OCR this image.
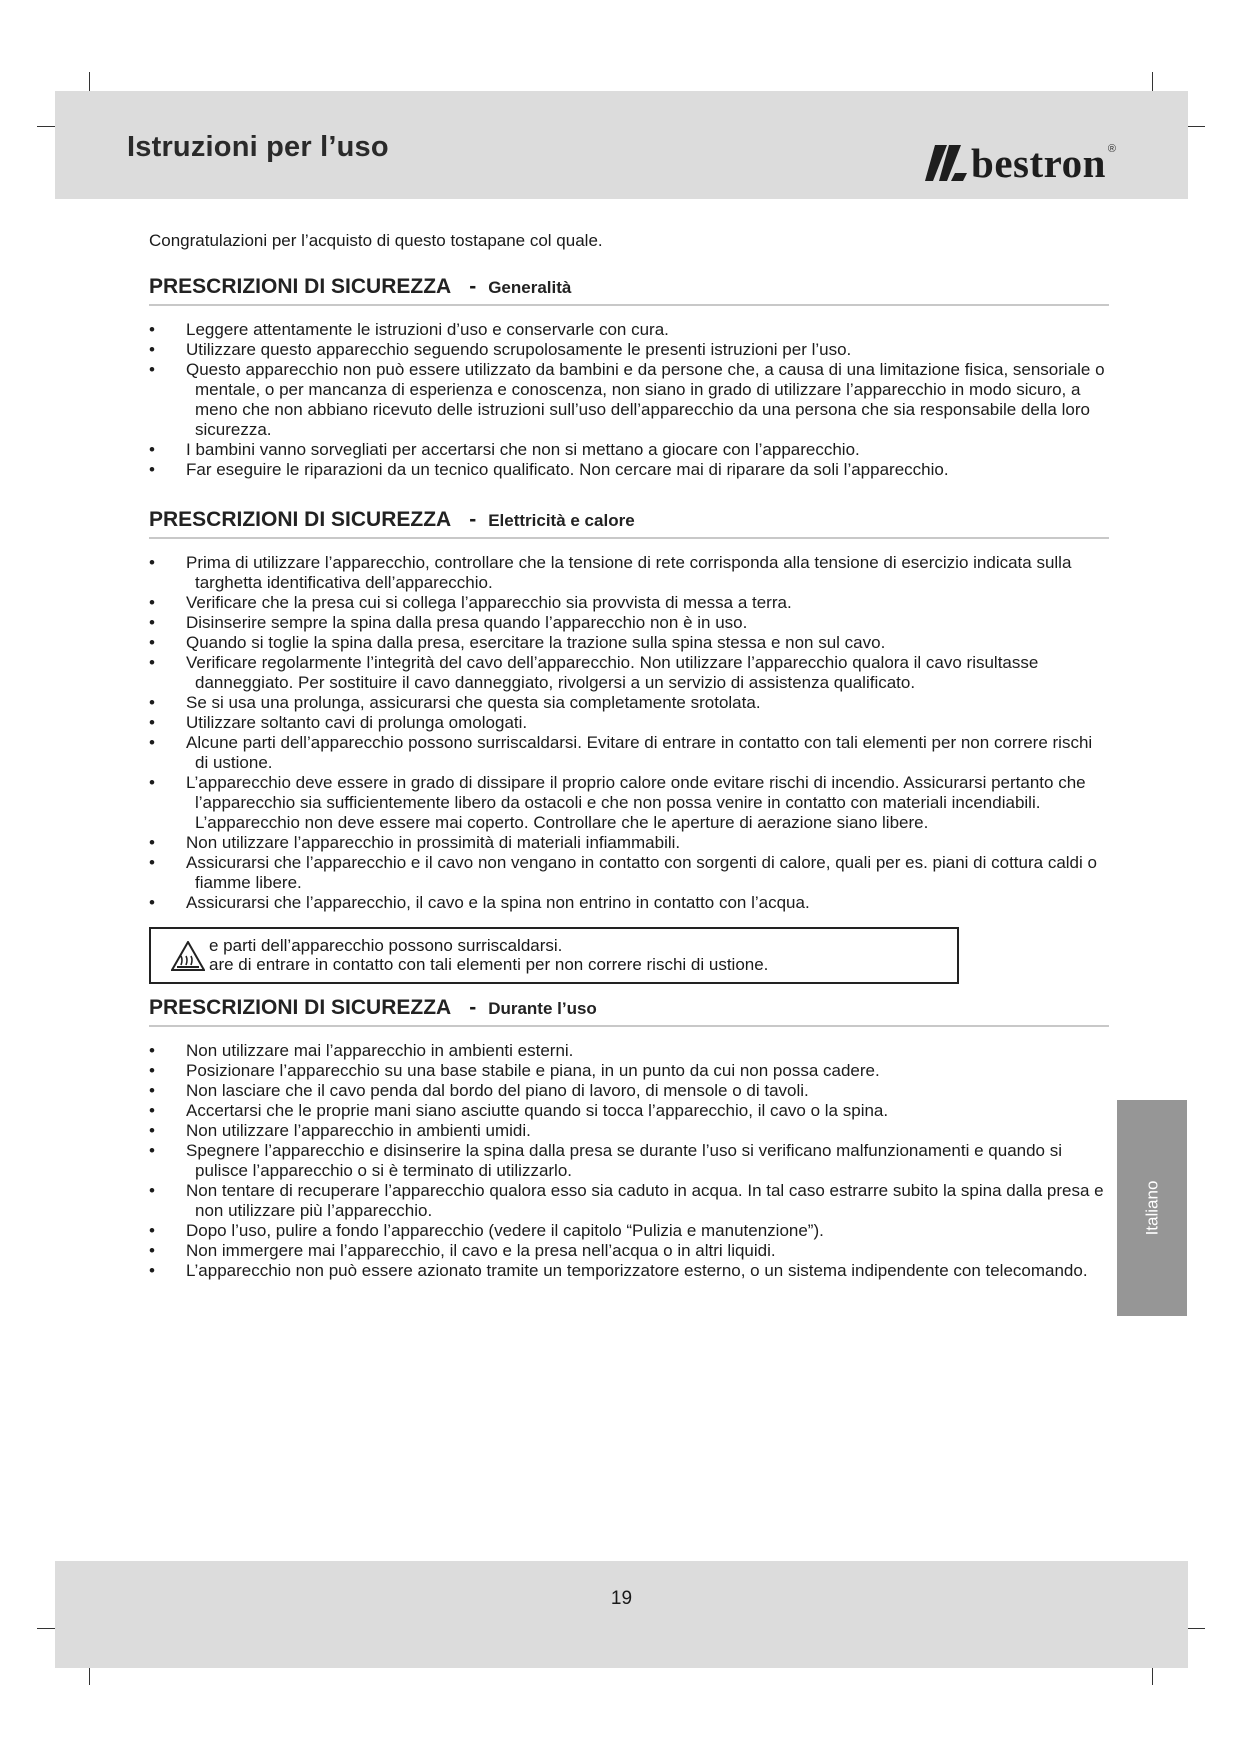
Istruzioni per l’uso	bestron ®

Congratulazioni per l’acquisto di questo tostapane col quale.

PRESCRIZIONI DI SICUREZZA - Generalità
• Leggere attentamente le istruzioni d’uso e conservarle con cura.
• Utilizzare questo apparecchio seguendo scrupolosamente le presenti istruzioni per l’uso.
• Questo apparecchio non può essere utilizzato da bambini e da persone che, a causa di una limitazione fisica, sensoriale o mentale, o per mancanza di esperienza e conoscenza, non siano in grado di utilizzare l’apparecchio in modo sicuro, a meno che non abbiano ricevuto delle istruzioni sull’uso dell’apparecchio da una persona che sia responsabile della loro sicurezza.
• I bambini vanno sorvegliati per accertarsi che non si mettano a giocare con l’apparecchio.
• Far eseguire le riparazioni da un tecnico qualificato. Non cercare mai di riparare da soli l’apparecchio.
PRESCRIZIONI DI SICUREZZA - Elettricità e calore
• Prima di utilizzare l’apparecchio, controllare che la tensione di rete corrisponda alla tensione di esercizio indicata sulla targhetta identificativa dell’apparecchio.
• Verificare che la presa cui si collega l’apparecchio sia provvista di messa a terra.
• Disinserire sempre la spina dalla presa quando l’apparecchio non è in uso.
• Quando si toglie la spina dalla presa, esercitare la trazione sulla spina stessa e non sul cavo.
• Verificare regolarmente l’integrità del cavo dell’apparecchio. Non utilizzare l’apparecchio qualora il cavo risultasse danneggiato. Per sostituire il cavo danneggiato, rivolgersi a un servizio di assistenza qualificato.
• Se si usa una prolunga, assicurarsi che questa sia completamente srotolata.
• Utilizzare soltanto cavi di prolunga omologati.
• Alcune parti dell’apparecchio possono surriscaldarsi. Evitare di entrare in contatto con tali elementi per non correre rischi di ustione.
• L’apparecchio deve essere in grado di dissipare il proprio calore onde evitare rischi di incendio. Assicurarsi pertanto che l’apparecchio sia sufficientemente libero da ostacoli e che non possa venire in contatto con materiali incendiabili. L’apparecchio non deve essere mai coperto. Controllare che le aperture di aerazione siano libere.
• Non utilizzare l’apparecchio in prossimità di materiali infiammabili.
• Assicurarsi che l’apparecchio e il cavo non vengano in contatto con sorgenti di calore, quali per es. piani di cottura caldi o fiamme libere.
• Assicurarsi che l’apparecchio, il cavo e la spina non entrino in contatto con l’acqua.
e parti dell’apparecchio possono surriscaldarsi.
are di entrare in contatto con tali elementi per non correre rischi di ustione.
PRESCRIZIONI DI SICUREZZA - Durante l’uso
• Non utilizzare mai l’apparecchio in ambienti esterni.
• Posizionare l’apparecchio su una base stabile e piana, in un punto da cui non possa cadere.
• Non lasciare che il cavo penda dal bordo del piano di lavoro, di mensole o di tavoli.
• Accertarsi che le proprie mani siano asciutte quando si tocca l’apparecchio, il cavo o la spina.
• Non utilizzare l’apparecchio in ambienti umidi.
• Spegnere l’apparecchio e disinserire la spina dalla presa se durante l’uso si verificano malfunzionamenti e quando si pulisce l’apparecchio o si è terminato di utilizzarlo.
• Non tentare di recuperare l’apparecchio qualora esso sia caduto in acqua. In tal caso estrarre subito la spina dalla presa e non utilizzare più l’apparecchio.
• Dopo l’uso, pulire a fondo l’apparecchio (vedere il capitolo “Pulizia e manutenzione”).
• Non immergere mai l’apparecchio, il cavo e la presa nell’acqua o in altri liquidi.
• L’apparecchio non può essere azionato tramite un temporizzatore esterno, o un sistema indipendente con telecomando.
Italiano
19
